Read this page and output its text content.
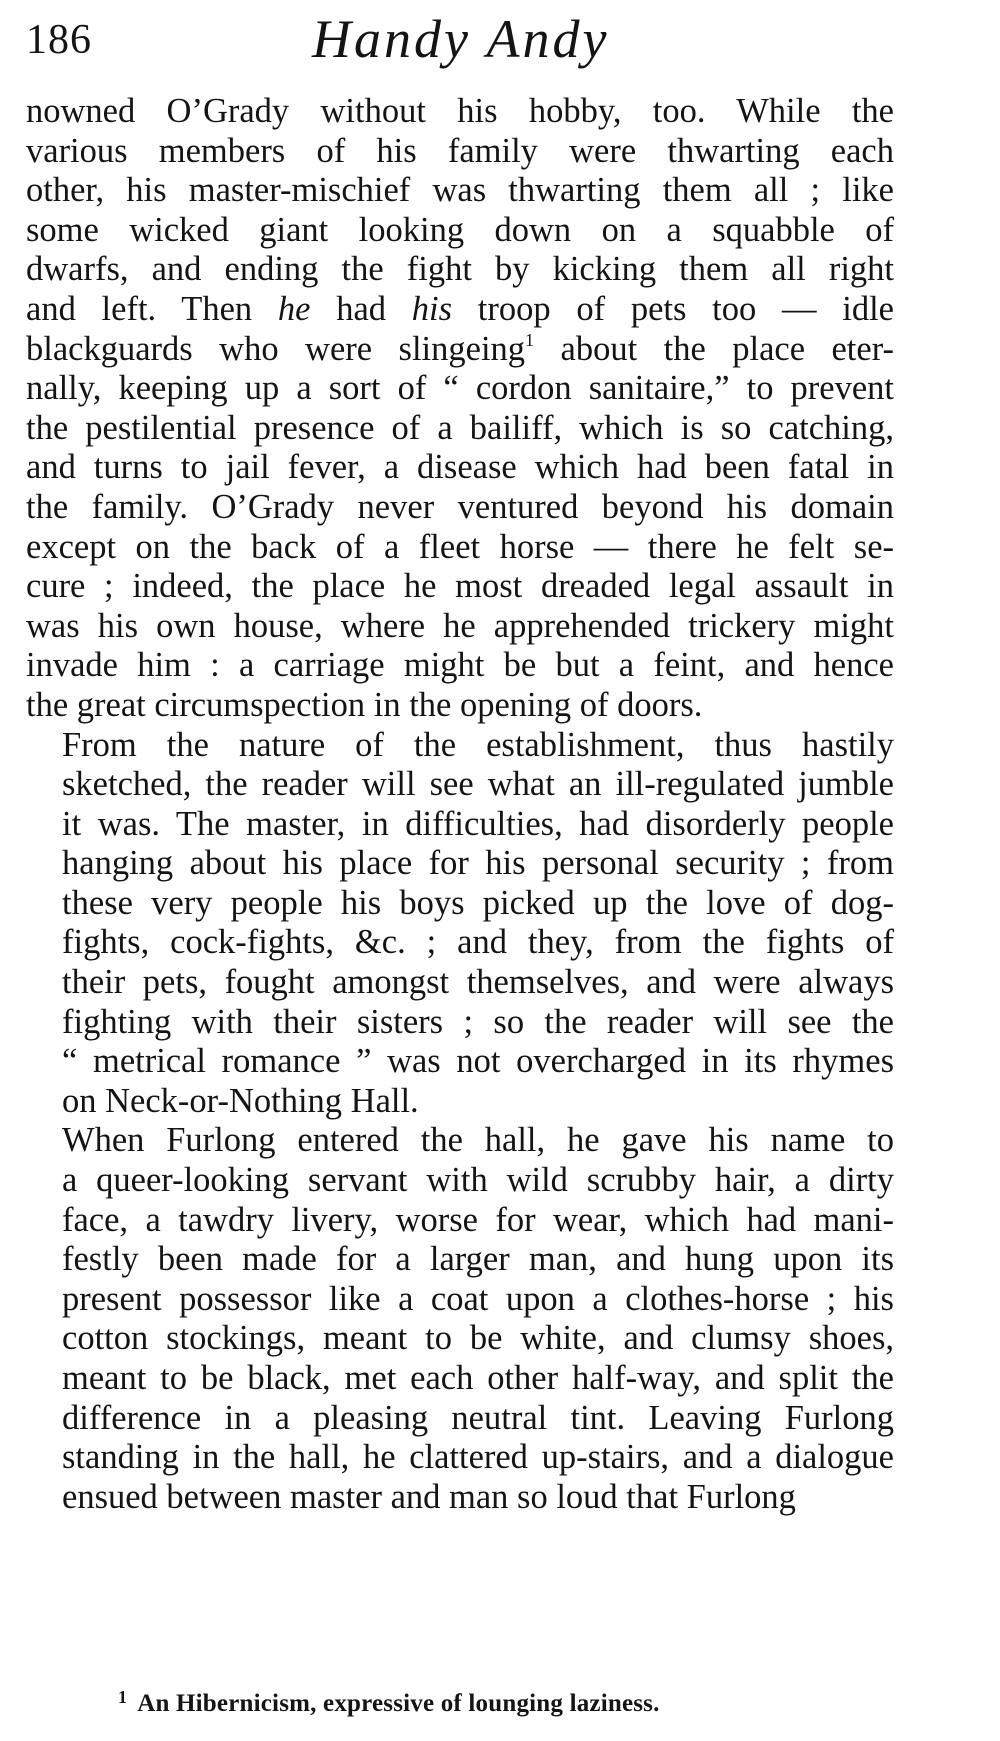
186	Handy Andy

nowned O’Grady without his hobby, too. While the
various members of his family were thwarting each
other, his master-mischief was thwarting them all ; like
some wicked giant looking down on a squabble of
dwarfs, and ending the fight by kicking them all right
and left. Then he had his troop of pets too — idle
blackguards who were slingeing$^1$ about the place eter-
nally, keeping up a sort of “ cordon sanitaire,” to prevent
the pestilential presence of a bailiff, which is so catching,
and turns to jail fever, a disease which had been fatal in
the family. O’Grady never ventured beyond his domain
except on the back of a fleet horse — there he felt se-
cure ; indeed, the place he most dreaded legal assault in
was his own house, where he apprehended trickery might
invade him : a carriage might be but a feint, and hence
the great circumspection in the opening of doors.

From the nature of the establishment, thus hastily
sketched, the reader will see what an ill-regulated jumble
it was. The master, in difficulties, had disorderly people
hanging about his place for his personal security ; from
these very people his boys picked up the love of dog-
fights, cock-fights, &c. ; and they, from the fights of
their pets, fought amongst themselves, and were always
fighting with their sisters ; so the reader will see the
“ metrical romance ” was not overcharged in its rhymes
on Neck-or-Nothing Hall.

When Furlong entered the hall, he gave his name to
a queer-looking servant with wild scrubby hair, a dirty
face, a tawdry livery, worse for wear, which had mani-
festly been made for a larger man, and hung upon its
present possessor like a coat upon a clothes-horse ; his
cotton stockings, meant to be white, and clumsy shoes,
meant to be black, met each other half-way, and split the
difference in a pleasing neutral tint. Leaving Furlong
standing in the hall, he clattered up-stairs, and a dialogue
ensued between master and man so loud that Furlong

$^1$ An Hibernicism, expressive of lounging laziness.
